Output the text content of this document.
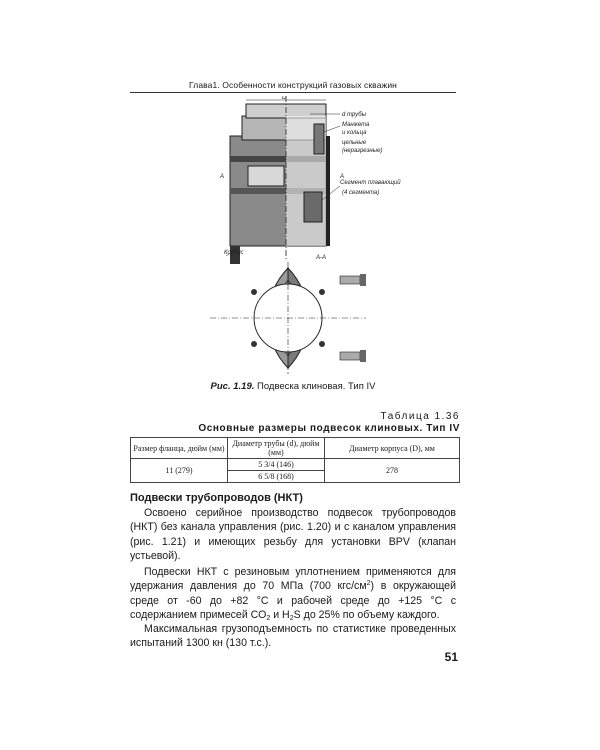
Глава1. Особенности конструкций газовых скважин
D
А	А
d трубы
Манжета
и кольца
цельные
(неразрезные)
Сегмент плавающий
(4 сегмента)
Корпус
А-А
Рис. 1.19. Подвеска клиновая. Тип IV
Таблица 1.36
Основные размеры подвесок клиновых. Тип IV
Размер фланца, дюйм (мм)	Диаметр трубы (d), дюйм (мм)	Диаметр корпуса (D), мм
11 (279)	5 3/4 (146)	278
	6 5/8 (168)	
Подвески трубопроводов (НКТ)
Освоено серийное производство подвесок трубопроводов (НКТ) без канала управления (рис. 1.20) и с каналом управления (рис. 1.21) и имеющих резьбу для установки BPV (клапан устьевой).
Подвески НКТ с резиновым уплотнением применяются для удержания давления до 70 МПа (700 кгс/$см^2$) в окружающей среде от -60 до +82 °С и рабочей среде до +125 °С с содержанием примесей $СО_2$ и $Н_2S$ до 25% по объему каждого.
Максимальная грузоподъемность по статистике проведенных испытаний 1300 кн (130 т.с.).
51
